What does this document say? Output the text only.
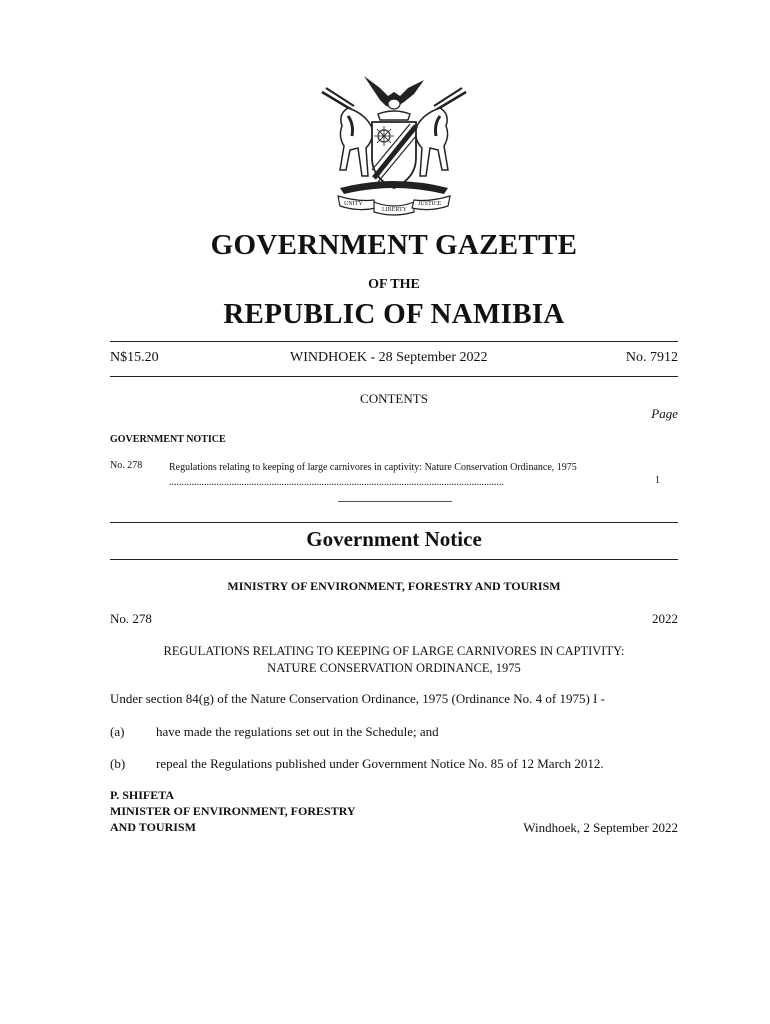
UNITY
LIBERTY
JUSTICE
GOVERNMENT GAZETTE
OF THE
REPUBLIC OF NAMIBIA
N$15.20	WINDHOEK - 28 September 2022	No. 7912
CONTENTS
Page
GOVERNMENT NOTICE
No. 278	Regulations relating to keeping of large carnivores in captivity: Nature Conservation Ordinance, 1975 ......................................................................................................................................	1
Government Notice
MINISTRY OF ENVIRONMENT, FORESTRY AND TOURISM
No. 278	2022
REGULATIONS RELATING TO KEEPING OF LARGE CARNIVORES IN CAPTIVITY:
NATURE CONSERVATION ORDINANCE, 1975
Under section 84(g) of the Nature Conservation Ordinance, 1975 (Ordinance No. 4 of 1975) I -
(a) have made the regulations set out in the Schedule; and
(b) repeal the Regulations published under Government Notice No. 85 of 12 March 2012.
P. SHIFETA
MINISTER OF ENVIRONMENT, FORESTRY
AND TOURISM	Windhoek, 2 September 2022
